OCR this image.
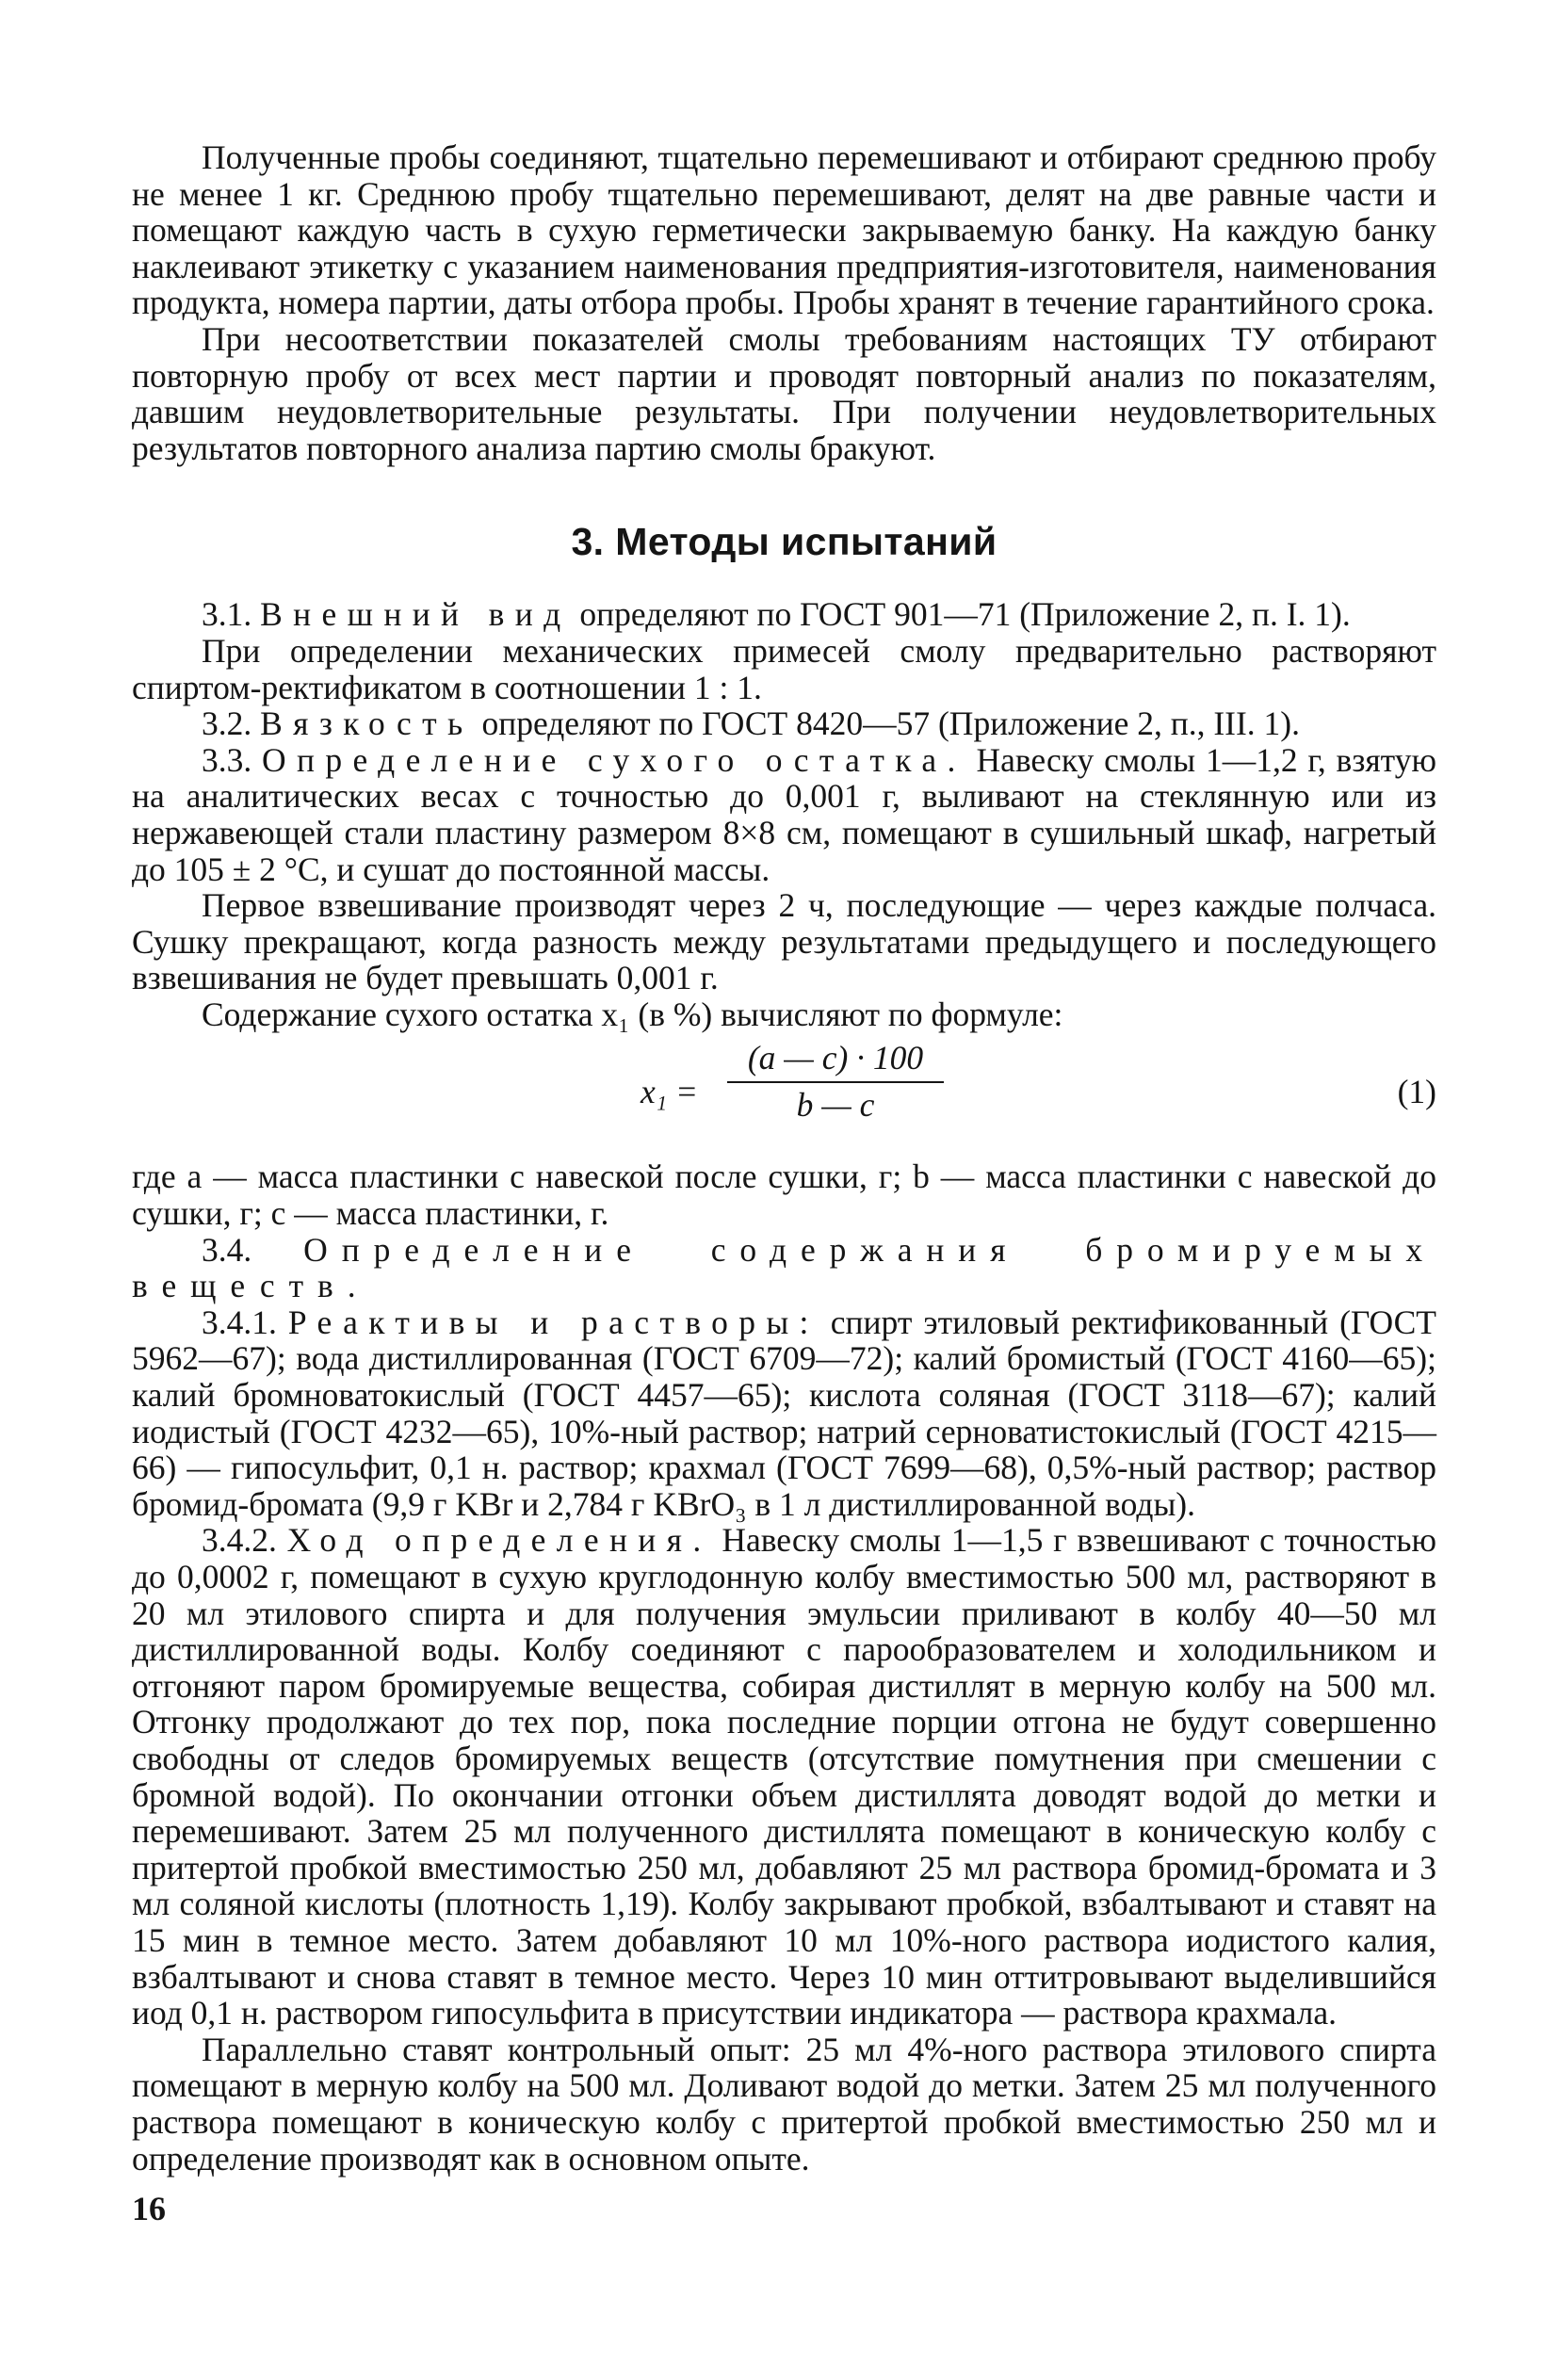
Полученные пробы соединяют, тщательно перемешивают и отбирают среднюю пробу не менее 1 кг. Среднюю пробу тщательно перемешивают, делят на две равные части и помещают каждую часть в сухую герметически закрываемую банку. На каждую банку наклеивают этикетку с указанием наименования предприятия-изготовителя, наименования продукта, номера партии, даты отбора пробы. Пробы хранят в течение гарантийного срока.

При несоответствии показателей смолы требованиям настоящих ТУ отбирают повторную пробу от всех мест партии и проводят повторный анализ по показателям, давшим неудовлетворительные результаты. При получении неудовлетворительных результатов повторного анализа партию смолы бракуют.

3. Методы испытаний

3.1. Внешний вид определяют по ГОСТ 901—71 (Приложение 2, п. I. 1).

При определении механических примесей смолу предварительно растворяют спиртом-ректификатом в соотношении 1 : 1.

3.2. Вязкость определяют по ГОСТ 8420—57 (Приложение 2, п., III. 1).

3.3. Определение сухого остатка. Навеску смолы 1—1,2 г, взятую на аналитических весах с точностью до 0,001 г, выливают на стеклянную или из нержавеющей стали пластину размером 8×8 см, помещают в сушильный шкаф, нагретый до 105 ± 2 °С, и сушат до постоянной массы.

Первое взвешивание производят через 2 ч, последующие — через каждые полчаса. Сушку прекращают, когда разность между результатами предыдущего и последующего взвешивания не будет превышать 0,001 г.

Содержание сухого остатка x₁ (в %) вычисляют по формуле:

x₁ =
(a — c) · 100
b — c	(1)

где a — масса пластинки с навеской после сушки, г; b — масса пластинки с навеской до сушки, г; c — масса пластинки, г.

3.4. Определение содержания бромируемых веществ.

3.4.1. Реактивы и растворы: спирт этиловый ректификованный (ГОСТ 5962—67); вода дистиллированная (ГОСТ 6709—72); калий бромистый (ГОСТ 4160—65); калий бромноватокислый (ГОСТ 4457—65); кислота соляная (ГОСТ 3118—67); калий иодистый (ГОСТ 4232—65), 10%-ный раствор; натрий серноватистокислый (ГОСТ 4215—66) — гипосульфит, 0,1 н. раствор; крахмал (ГОСТ 7699—68), 0,5%-ный раствор; раствор бромид-бромата (9,9 г KBr и 2,784 г KBrO₃ в 1 л дистиллированной воды).

3.4.2. Ход определения. Навеску смолы 1—1,5 г взвешивают с точностью до 0,0002 г, помещают в сухую круглодонную колбу вместимостью 500 мл, растворяют в 20 мл этилового спирта и для получения эмульсии приливают в колбу 40—50 мл дистиллированной воды. Колбу соединяют с парообразователем и холодильником и отгоняют паром бромируемые вещества, собирая дистиллят в мерную колбу на 500 мл. Отгонку продолжают до тех пор, пока последние порции отгона не будут совершенно свободны от следов бромируемых веществ (отсутствие помутнения при смешении с бромной водой). По окончании отгонки объем дистиллята доводят водой до метки и перемешивают. Затем 25 мл полученного дистиллята помещают в коническую колбу с притертой пробкой вместимостью 250 мл, добавляют 25 мл раствора бромид-бромата и 3 мл соляной кислоты (плотность 1,19). Колбу закрывают пробкой, взбалтывают и ставят на 15 мин в темное место. Затем добавляют 10 мл 10%-ного раствора иодистого калия, взбалтывают и снова ставят в темное место. Через 10 мин оттитровывают выделившийся иод 0,1 н. раствором гипосульфита в присутствии индикатора — раствора крахмала.

Параллельно ставят контрольный опыт: 25 мл 4%-ного раствора этилового спирта помещают в мерную колбу на 500 мл. Доливают водой до метки. Затем 25 мл полученного раствора помещают в коническую колбу с притертой пробкой вместимостью 250 мл и определение производят как в основном опыте.

16
